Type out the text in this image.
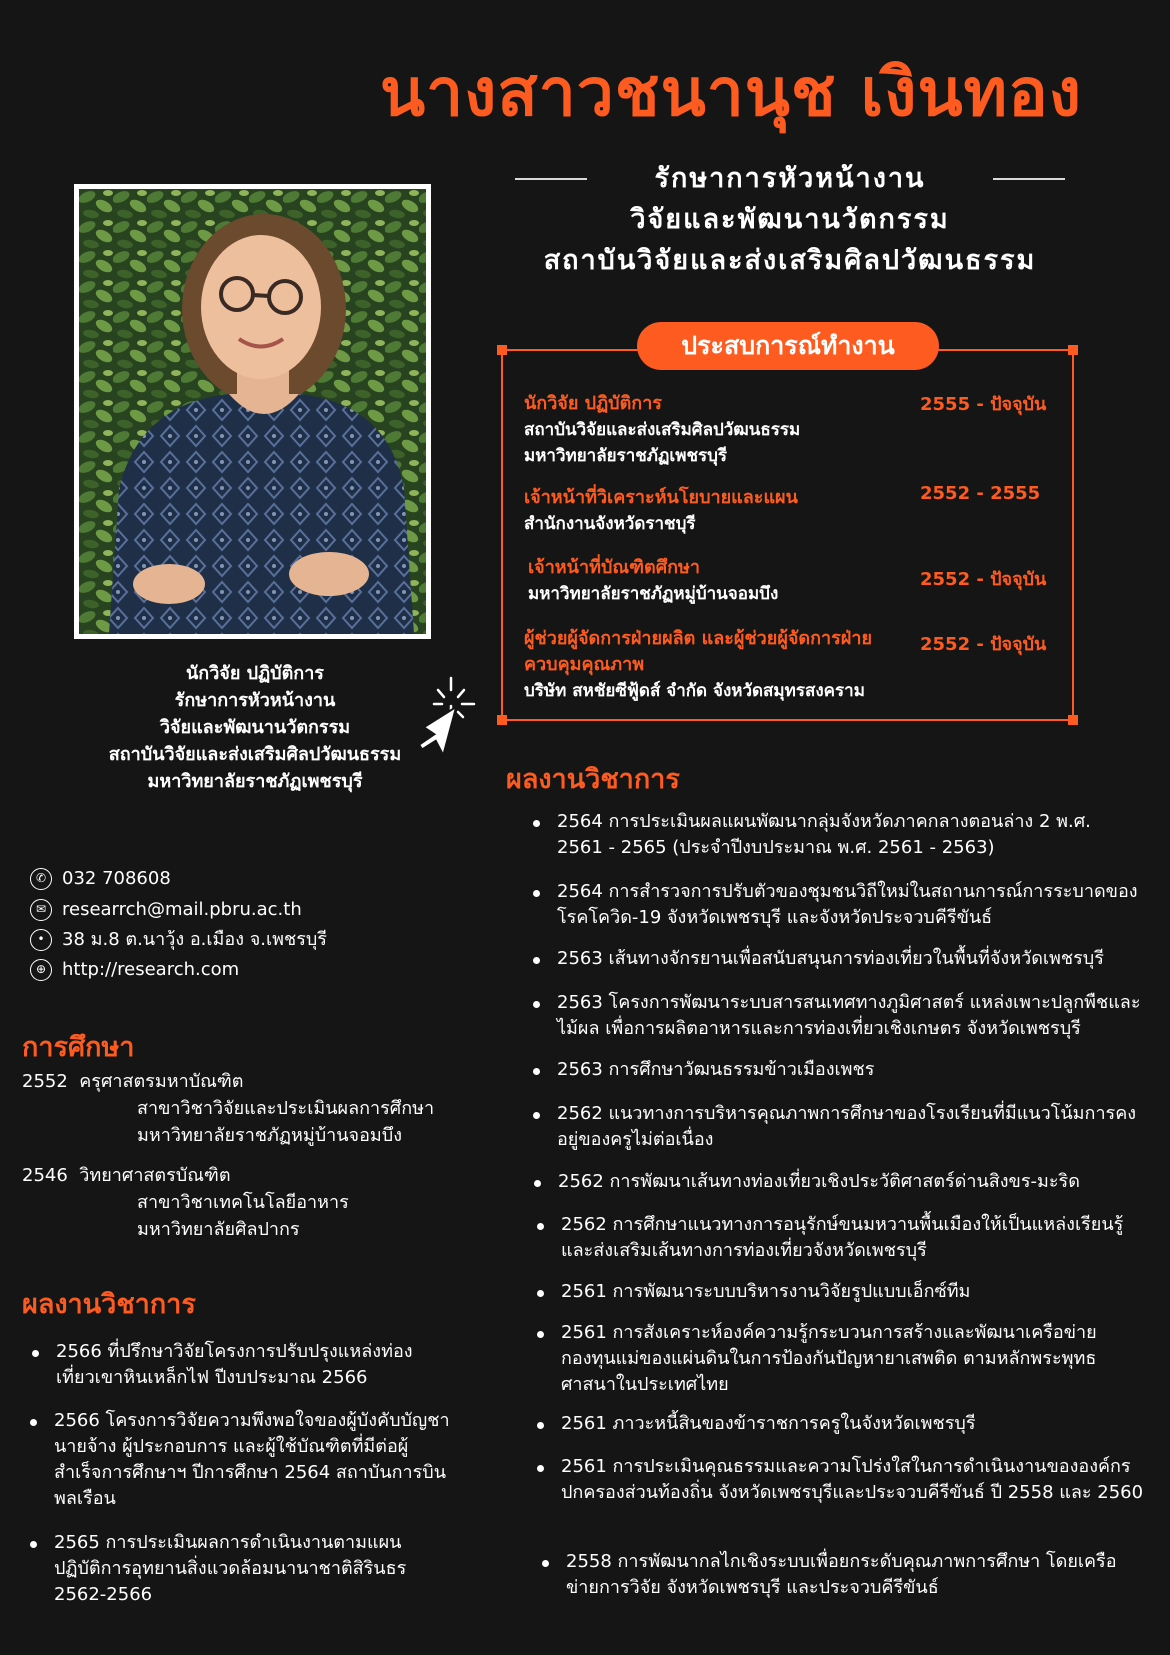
นางสาวชนานุช เงินทอง
รักษาการหัวหน้างาน
วิจัยและพัฒนานวัตกรรม
สถาบันวิจัยและส่งเสริมศิลปวัฒนธรรม
นักวิจัย ปฏิบัติการ
รักษาการหัวหน้างาน
วิจัยและพัฒนานวัตกรรม
สถาบันวิจัยและส่งเสริมศิลปวัฒนธรรม
มหาวิทยาลัยราชภัฏเพชรบุรี
ประสบการณ์ทำงาน
นักวิจัย ปฏิบัติการ
สถาบันวิจัยและส่งเสริมศิลปวัฒนธรรม
มหาวิทยาลัยราชภัฏเพชรบุรี
2555 - ปัจจุบัน
เจ้าหน้าที่วิเคราะห์นโยบายและแผน
สำนักงานจังหวัดราชบุรี
2552 - 2555
เจ้าหน้าที่บัณฑิตศึกษา
มหาวิทยาลัยราชภัฏหมู่บ้านจอมบึง
2552 - ปัจจุบัน
ผู้ช่วยผู้จัดการฝ่ายผลิต และผู้ช่วยผู้จัดการฝ่าย ควบคุมคุณภาพ
บริษัท สหชัยซีฟู้ดส์ จำกัด จังหวัดสมุทรสงคราม
2552 - ปัจจุบัน
✆ 032 708608
✉ researrch@mail.pbru.ac.th
• 38 ม.8 ต.นาวุ้ง อ.เมือง จ.เพชรบุรี
⊕ http://research.com
การศึกษา
2552 ครุศาสตรมหาบัณฑิต
สาขาวิชาวิจัยและประเมินผลการศึกษา
มหาวิทยาลัยราชภัฏหมู่บ้านจอมบึง
2546 วิทยาศาสตรบัณฑิต
สาขาวิชาเทคโนโลยีอาหาร
มหาวิทยาลัยศิลปากร
ผลงานวิชาการ
2566 ที่ปรึกษาวิจัยโครงการปรับปรุงแหล่งท่องเที่ยวเขาหินเหล็กไฟ ปีงบประมาณ 2566
2566 โครงการวิจัยความพึงพอใจของผู้บังคับบัญชา นายจ้าง ผู้ประกอบการ และผู้ใช้บัณฑิตที่มีต่อผู้สำเร็จการศึกษาฯ ปีการศึกษา 2564 สถาบันการบินพลเรือน
2565 การประเมินผลการดำเนินงานตามแผนปฏิบัติการอุทยานสิ่งแวดล้อมนานาชาติสิรินธร 2562-2566
ผลงานวิชาการ
2564 การประเมินผลแผนพัฒนากลุ่มจังหวัดภาคกลางตอนล่าง 2 พ.ศ. 2561 - 2565 (ประจำปีงบประมาณ พ.ศ. 2561 - 2563)
2564 การสำรวจการปรับตัวของชุมชนวิถีใหม่ในสถานการณ์การระบาดของโรคโควิด-19 จังหวัดเพชรบุรี และจังหวัดประจวบคีรีขันธ์
2563 เส้นทางจักรยานเพื่อสนับสนุนการท่องเที่ยวในพื้นที่จังหวัดเพชรบุรี
2563 โครงการพัฒนาระบบสารสนเทศทางภูมิศาสตร์ แหล่งเพาะปลูกพืชและไม้ผล เพื่อการผลิตอาหารและการท่องเที่ยวเชิงเกษตร จังหวัดเพชรบุรี
2563 การศึกษาวัฒนธรรมข้าวเมืองเพชร
2562 แนวทางการบริหารคุณภาพการศึกษาของโรงเรียนที่มีแนวโน้มการคงอยู่ของครูไม่ต่อเนื่อง
2562 การพัฒนาเส้นทางท่องเที่ยวเชิงประวัติศาสตร์ด่านสิงขร-มะริด
2562 การศึกษาแนวทางการอนุรักษ์ขนมหวานพื้นเมืองให้เป็นแหล่งเรียนรู้และส่งเสริมเส้นทางการท่องเที่ยวจังหวัดเพชรบุรี
2561 การพัฒนาระบบบริหารงานวิจัยรูปแบบเอ็กซ์ทีม
2561 การสังเคราะห์องค์ความรู้กระบวนการสร้างและพัฒนาเครือข่ายกองทุนแม่ของแผ่นดินในการป้องกันปัญหายาเสพติด ตามหลักพระพุทธศาสนาในประเทศไทย
2561 ภาวะหนี้สินของข้าราชการครูในจังหวัดเพชรบุรี
2561 การประเมินคุณธรรมและความโปร่งใสในการดำเนินงานขององค์กรปกครองส่วนท้องถิ่น จังหวัดเพชรบุรีและประจวบคีรีขันธ์ ปี 2558 และ 2560
2558 การพัฒนากลไกเชิงระบบเพื่อยกระดับคุณภาพการศึกษา โดยเครือข่ายการวิจัย จังหวัดเพชรบุรี และประจวบคีรีขันธ์
